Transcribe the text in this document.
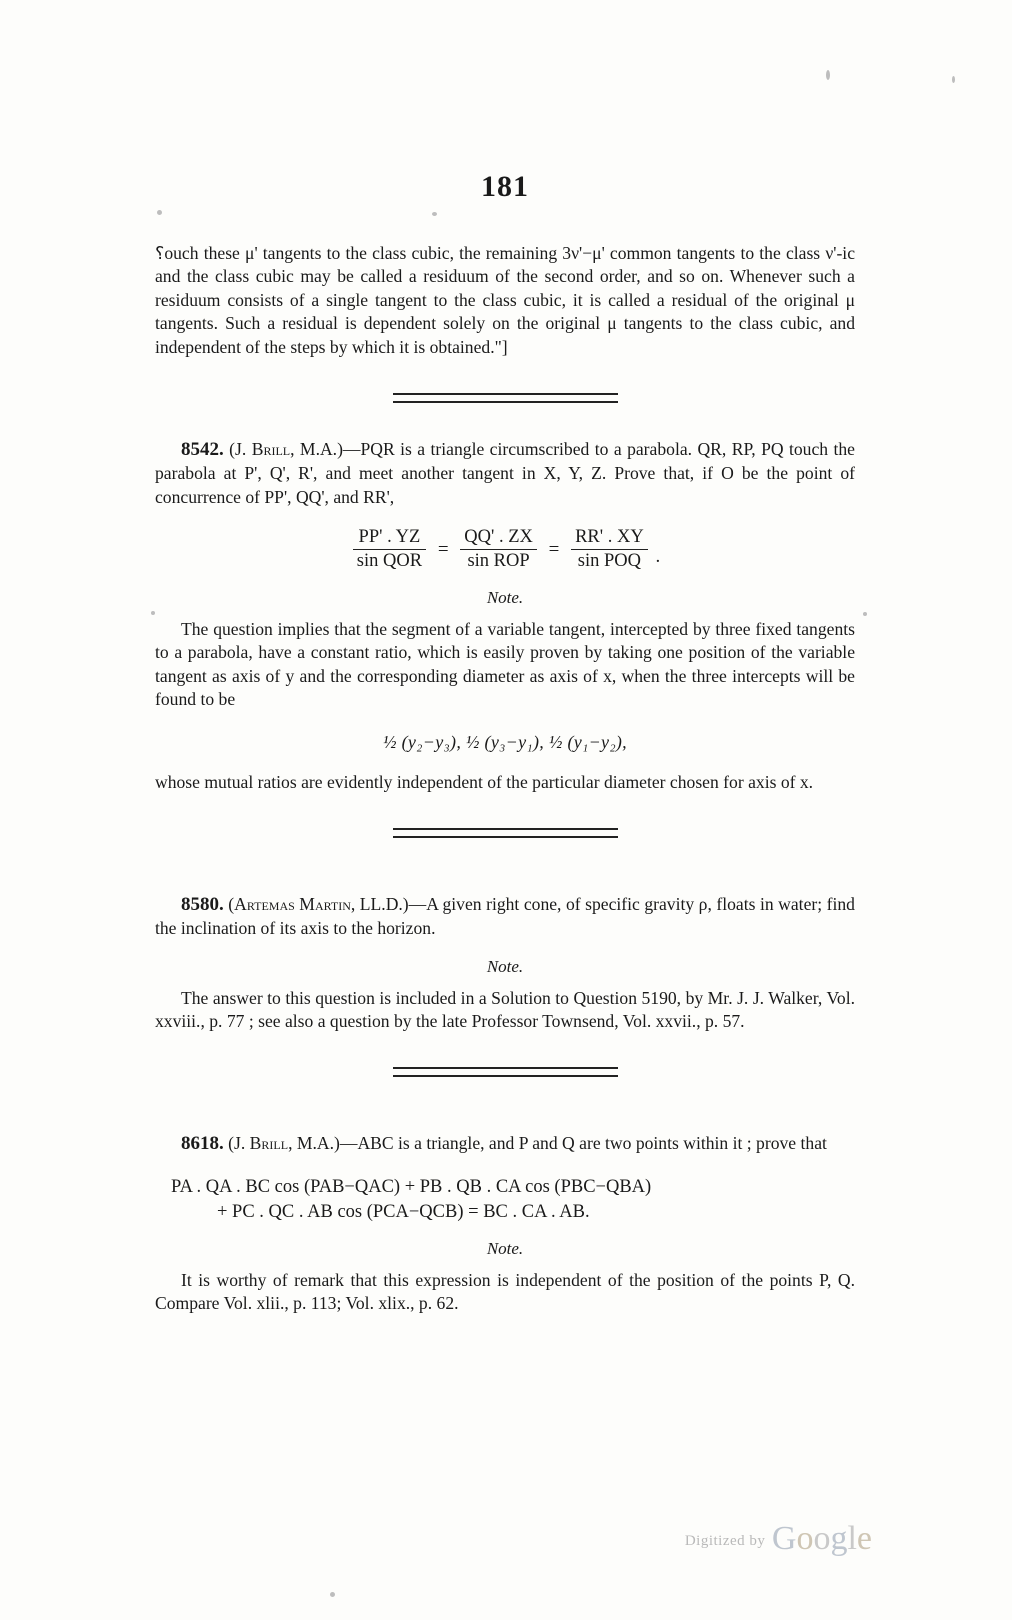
181

⸮ouch these μ' tangents to the class cubic, the remaining 3ν'−μ' common tangents to the class ν'-ic and the class cubic may be called a residuum of the second order, and so on. Whenever such a residuum consists of a single tangent to the class cubic, it is called a residual of the original μ tangents. Such a residual is dependent solely on the original μ tangents to the class cubic, and independent of the steps by which it is obtained."]

8542. (J. Brill, M.A.)—PQR is a triangle circumscribed to a parabola. QR, RP, PQ touch the parabola at P', Q', R', and meet another tangent in X, Y, Z. Prove that, if O be the point of concurrence of PP', QQ', and RR',

$\frac{PP' . YZ}{\text{sin QOR}} = \frac{QQ' . ZX}{\text{sin ROP}} = \frac{RR' . XY}{\text{sin POQ}}$ .
Note.

The question implies that the segment of a variable tangent, intercepted by three fixed tangents to a parabola, have a constant ratio, which is easily proven by taking one position of the variable tangent as axis of y and the corresponding diameter as axis of x, when the three intercepts will be found to be

½ (y₂−y₃), ½ (y₃−y₁), ½ (y₁−y₂),

whose mutual ratios are evidently independent of the particular diameter chosen for axis of x.

8580. (Artemas Martin, LL.D.)—A given right cone, of specific gravity ρ, floats in water; find the inclination of its axis to the horizon.

Note.

The answer to this question is included in a Solution to Question 5190, by Mr. J. J. Walker, Vol. xxviii., p. 77 ; see also a question by the late Professor Townsend, Vol. xxvii., p. 57.

8618. (J. Brill, M.A.)—ABC is a triangle, and P and Q are two points within it ; prove that

PA . QA . BC cos (PAB−QAC) + PB . QB . CA cos (PBC−QBA)
+ PC . QC . AB cos (PCA−QCB) = BC . CA . AB.
Note.

It is worthy of remark that this expression is independent of the position of the points P, Q. Compare Vol. xlii., p. 113; Vol. xlix., p. 62.

Digitized by Google
